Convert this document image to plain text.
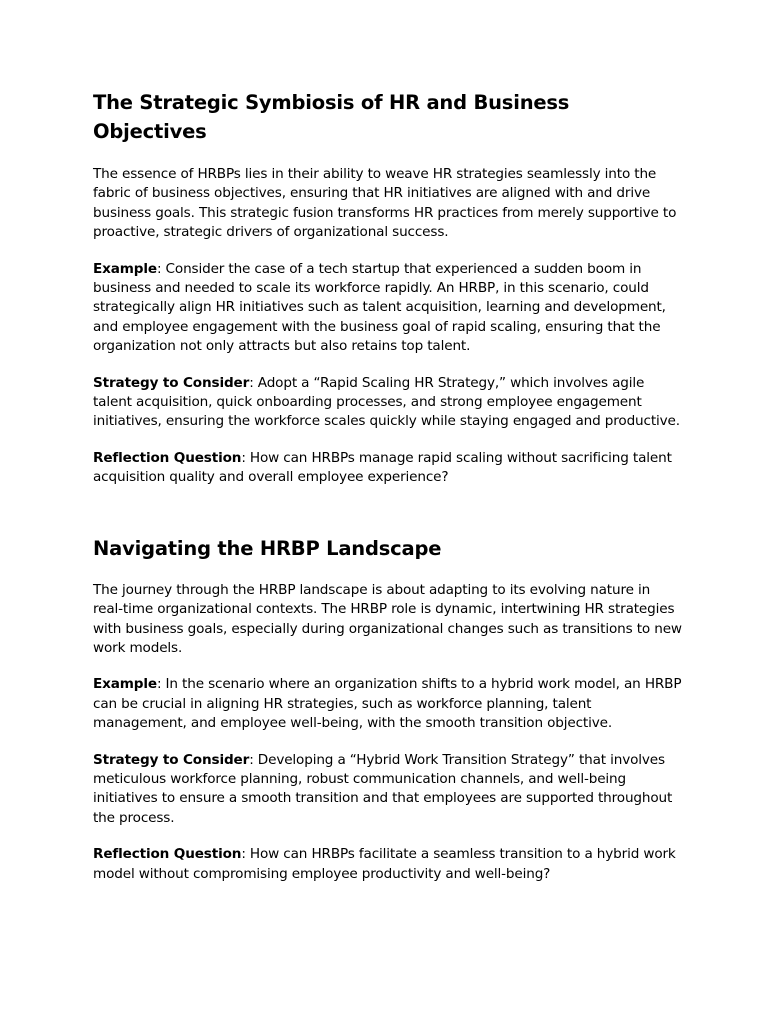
The Strategic Symbiosis of HR and Business Objectives

The essence of HRBPs lies in their ability to weave HR strategies seamlessly into the fabric of business objectives, ensuring that HR initiatives are aligned with and drive business goals. This strategic fusion transforms HR practices from merely supportive to proactive, strategic drivers of organizational success.

Example: Consider the case of a tech startup that experienced a sudden boom in business and needed to scale its workforce rapidly. An HRBP, in this scenario, could strategically align HR initiatives such as talent acquisition, learning and development, and employee engagement with the business goal of rapid scaling, ensuring that the organization not only attracts but also retains top talent.

Strategy to Consider: Adopt a “Rapid Scaling HR Strategy,” which involves agile talent acquisition, quick onboarding processes, and strong employee engagement initiatives, ensuring the workforce scales quickly while staying engaged and productive.

Reflection Question: How can HRBPs manage rapid scaling without sacrificing talent acquisition quality and overall employee experience?

Navigating the HRBP Landscape

The journey through the HRBP landscape is about adapting to its evolving nature in real-time organizational contexts. The HRBP role is dynamic, intertwining HR strategies with business goals, especially during organizational changes such as transitions to new work models.

Example: In the scenario where an organization shifts to a hybrid work model, an HRBP can be crucial in aligning HR strategies, such as workforce planning, talent management, and employee well-being, with the smooth transition objective.

Strategy to Consider: Developing a “Hybrid Work Transition Strategy” that involves meticulous workforce planning, robust communication channels, and well-being initiatives to ensure a smooth transition and that employees are supported throughout the process.

Reflection Question: How can HRBPs facilitate a seamless transition to a hybrid work model without compromising employee productivity and well-being?
